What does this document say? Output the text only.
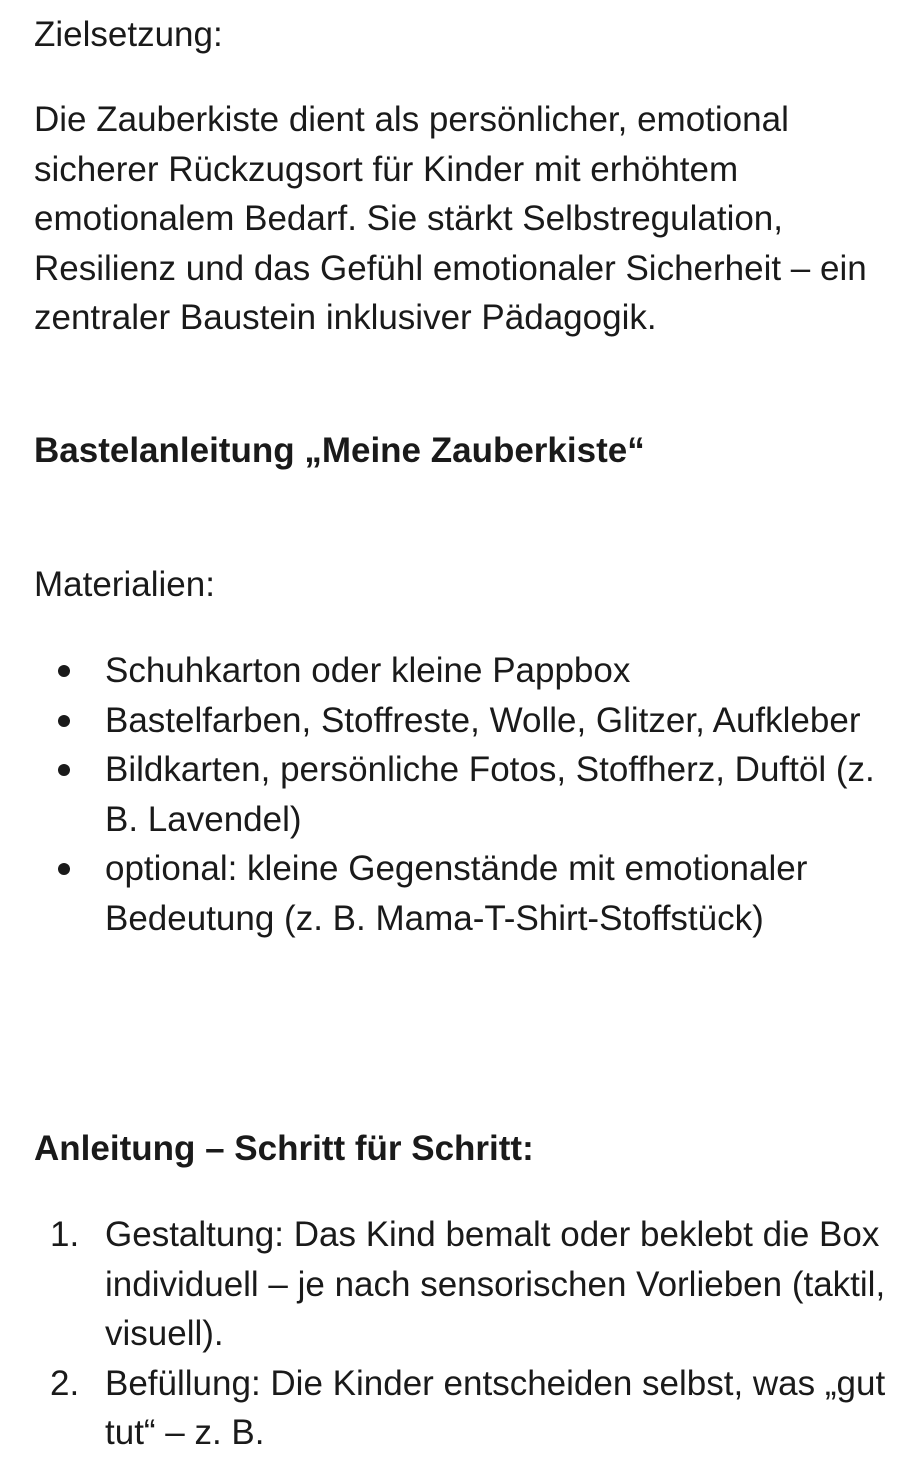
Zielsetzung:

Die Zauberkiste dient als persönlicher, emotional sicherer Rückzugsort für Kinder mit erhöhtem emotionalem Bedarf. Sie stärkt Selbstregulation, Resilienz und das Gefühl emotionaler Sicherheit – ein zentraler Baustein inklusiver Pädagogik.

Bastelanleitung „Meine Zauberkiste“

Materialien:

Schuhkarton oder kleine Pappbox
Bastelfarben, Stoffreste, Wolle, Glitzer, Aufkleber
Bildkarten, persönliche Fotos, Stoffherz, Duftöl (z. B. Lavendel)
optional: kleine Gegenstände mit emotionaler Bedeutung (z. B. Mama-T-Shirt-Stoffstück)
Anleitung – Schritt für Schritt:
1. Gestaltung: Das Kind bemalt oder beklebt die Box individuell – je nach sensorischen Vorlieben (taktil, visuell).
2. Befüllung: Die Kinder entscheiden selbst, was „gut tut“ – z. B.
